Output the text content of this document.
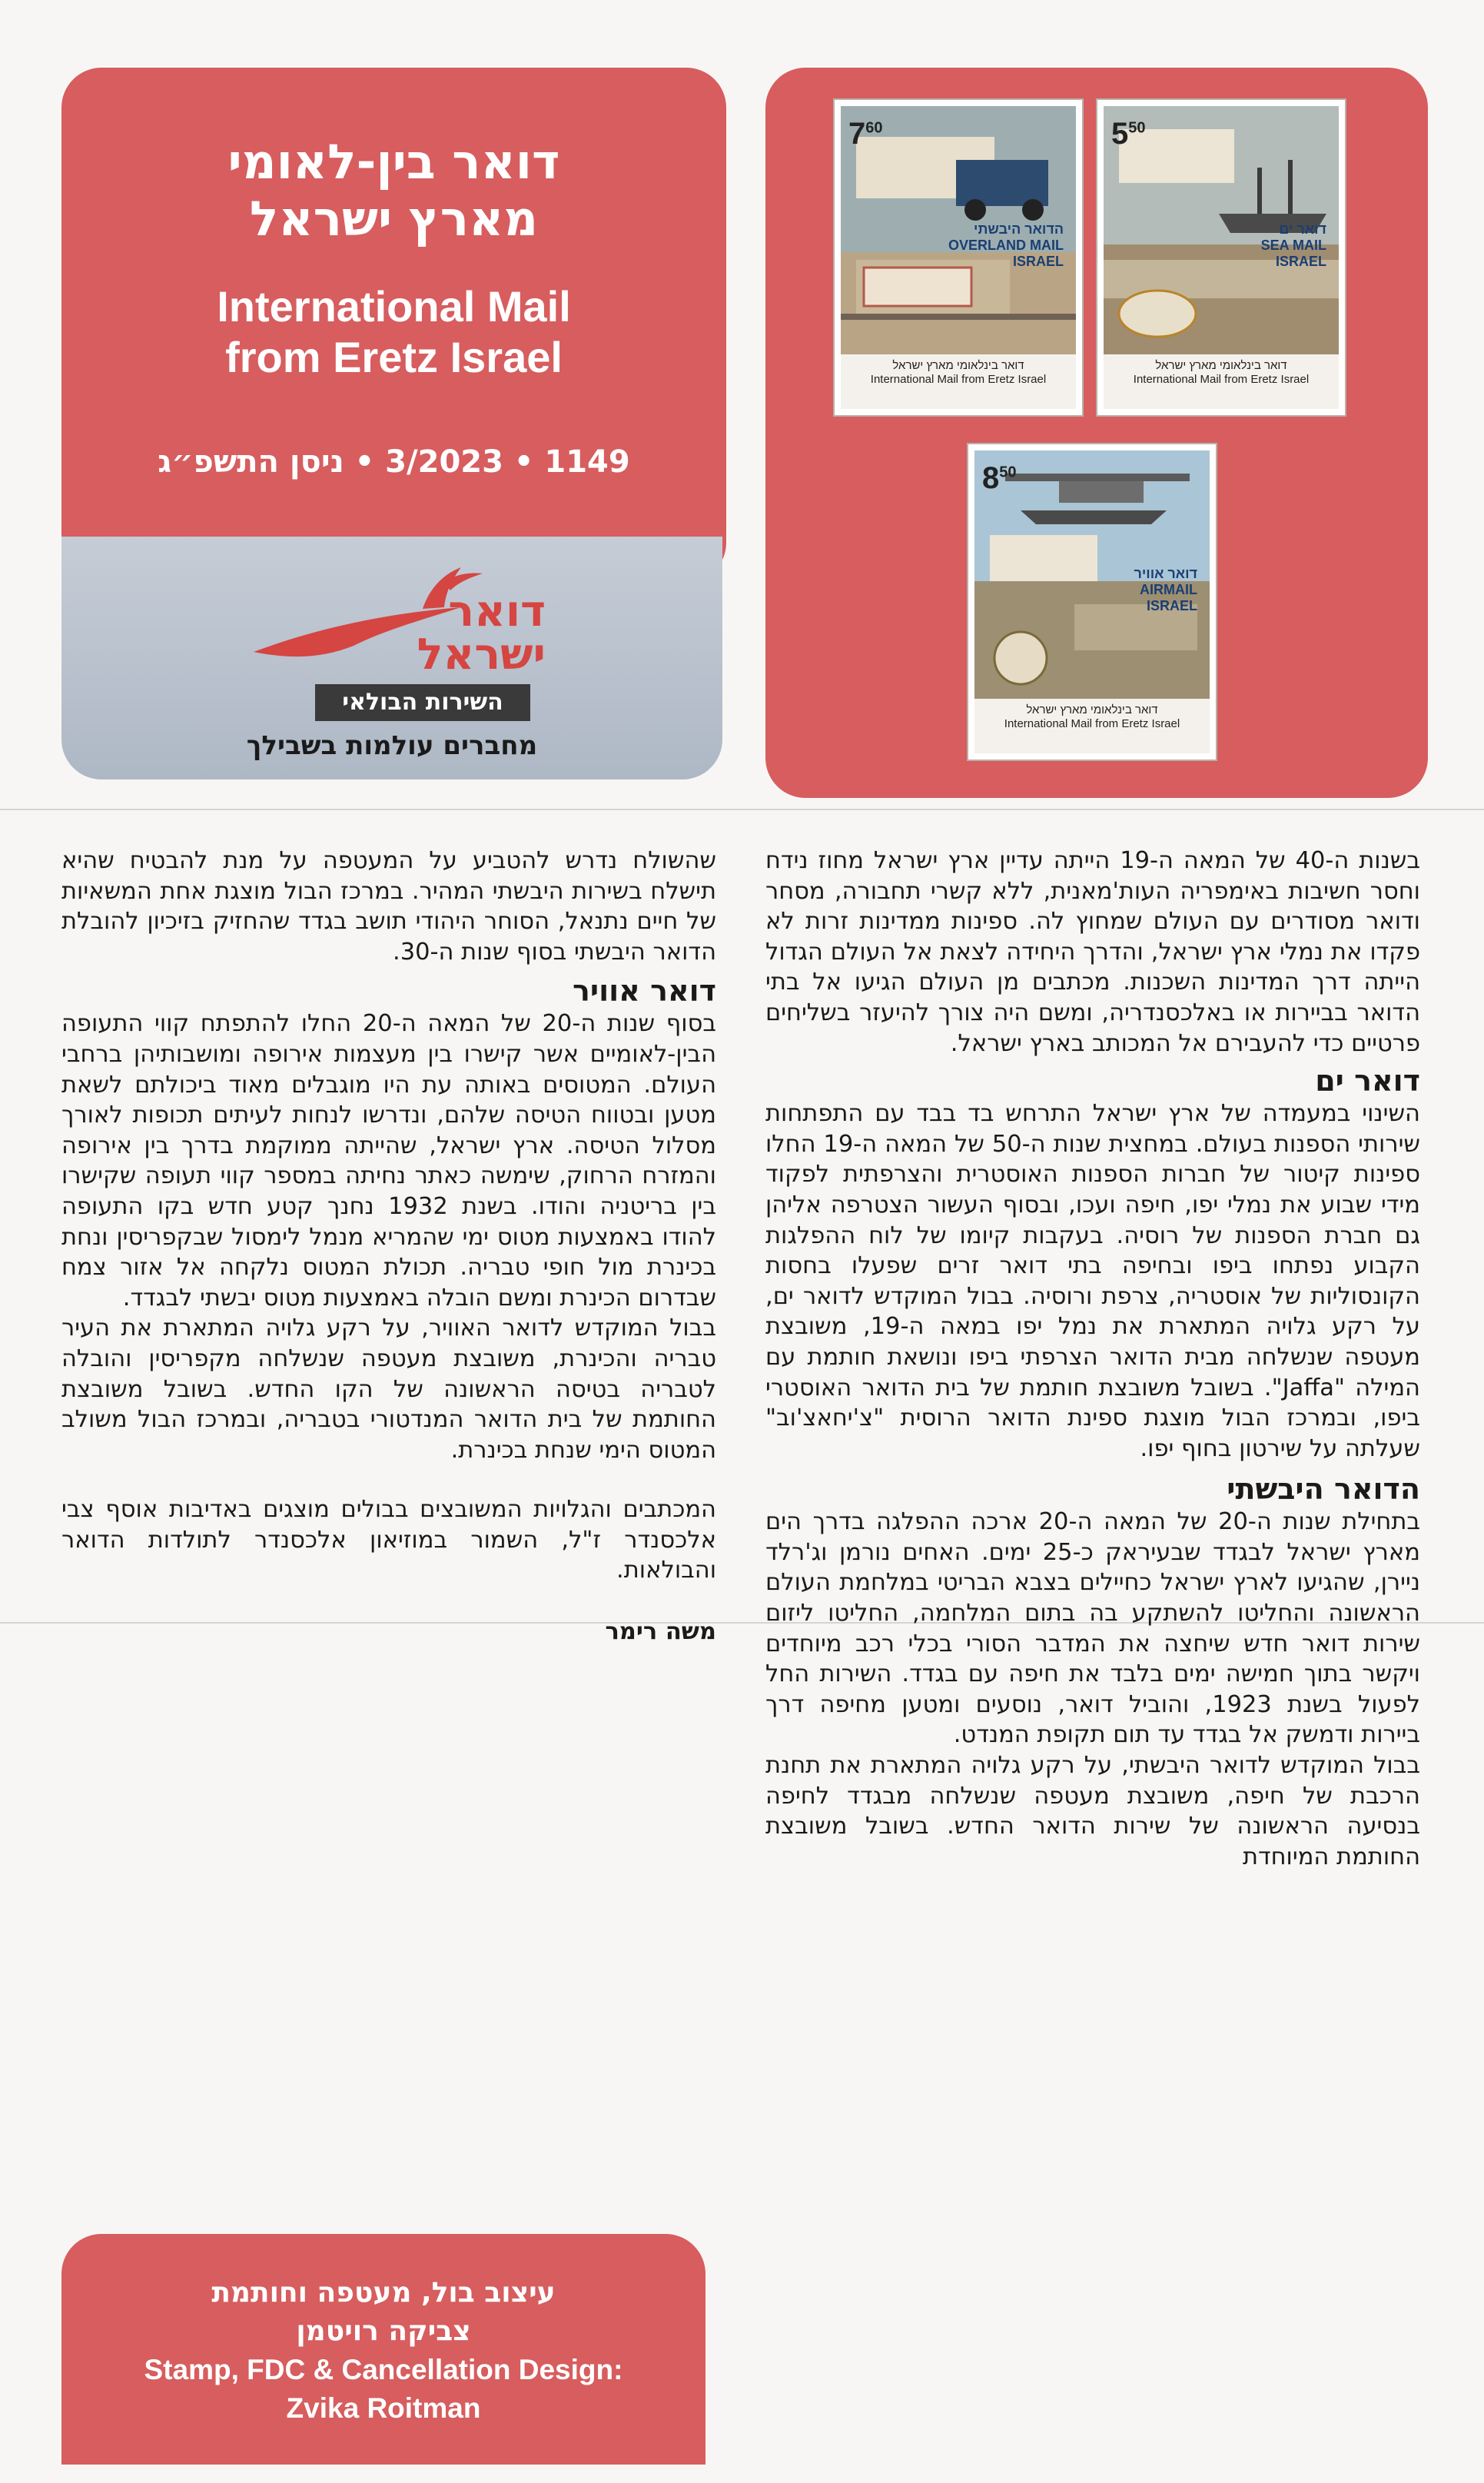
דואר בין-לאומי
מארץ ישראל
International Mail
from Eretz Israel
1149 • 3/2023 • ניסן התשפ״ג
דואר
ישראל
השירות הבולאי
מחברים עולמות בשבילך
$7^{60}$
הדואר היבשתי
OVERLAND MAIL
ISRAEL
דואר בינלאומי מארץ ישראל
International Mail from Eretz Israel
$5^{50}$
דואר ים
SEA MAIL
ISRAEL
דואר בינלאומי מארץ ישראל
International Mail from Eretz Israel
$8^{50}$
דואר אוויר
AIRMAIL
ISRAEL
דואר בינלאומי מארץ ישראל
International Mail from Eretz Israel

בשנות ה-40 של המאה ה-19 הייתה עדיין ארץ ישראל מחוז נידח וחסר חשיבות באימפריה העות'מאנית, ללא קשרי תחבורה, מסחר ודואר מסודרים עם העולם שמחוץ לה. ספינות ממדינות זרות לא פקדו את נמלי ארץ ישראל, והדרך היחידה לצאת אל העולם הגדול הייתה דרך המדינות השכנות. מכתבים מן העולם הגיעו אל בתי הדואר בביירות או באלכסנדריה, ומשם היה צורך להיעזר בשליחים פרטיים כדי להעבירם אל המכותב בארץ ישראל.

דואר ים

השינוי במעמדה של ארץ ישראל התרחש בד בבד עם התפתחות שירותי הספנות בעולם. במחצית שנות ה-50 של המאה ה-19 החלו ספינות קיטור של חברות הספנות האוסטרית והצרפתית לפקוד מידי שבוע את נמלי יפו, חיפה ועכו, ובסוף העשור הצטרפה אליהן גם חברת הספנות של רוסיה. בעקבות קיומו של לוח ההפלגות הקבוע נפתחו ביפו ובחיפה בתי דואר זרים שפעלו בחסות הקונסוליות של אוסטריה, צרפת ורוסיה. בבול המוקדש לדואר ים, על רקע גלויה המתארת את נמל יפו במאה ה-19, משובצת מעטפה שנשלחה מבית הדואר הצרפתי ביפו ונושאת חותמת עם המילה "Jaffa". בשובל משובצת חותמת של בית הדואר האוסטרי ביפו, ובמרכז הבול מוצגת ספינת הדואר הרוסית "צ'יחאצ'וב" שעלתה על שירטון בחוף יפו.

הדואר היבשתי

בתחילת שנות ה-20 של המאה ה-20 ארכה ההפלגה בדרך הים מארץ ישראל לבגדד שבעיראק כ-25 ימים. האחים נורמן וג'רלד ניירן, שהגיעו לארץ ישראל כחיילים בצבא הבריטי במלחמת העולם הראשונה והחליטו להשתקע בה בתום המלחמה, החליטו ליזום שירות דואר חדש שיחצה את המדבר הסורי בכלי רכב מיוחדים ויקשר בתוך חמישה ימים בלבד את חיפה עם בגדד. השירות החל לפעול בשנת 1923, והוביל דואר, נוסעים ומטען מחיפה דרך ביירות ודמשק אל בגדד עד תום תקופת המנדט.

בבול המוקדש לדואר היבשתי, על רקע גלויה המתארת את תחנת הרכבת של חיפה, משובצת מעטפה שנשלחה מבגדד לחיפה בנסיעה הראשונה של שירות הדואר החדש. בשובל משובצת החותמת המיוחדת

שהשולח נדרש להטביע על המעטפה על מנת להבטיח שהיא תישלח בשירות היבשתי המהיר. במרכז הבול מוצגת אחת המשאיות של חיים נתנאל, הסוחר היהודי תושב בגדד שהחזיק בזיכיון להובלת הדואר היבשתי בסוף שנות ה-30.

דואר אוויר

בסוף שנות ה-20 של המאה ה-20 החלו להתפתח קווי התעופה הבין-לאומיים אשר קישרו בין מעצמות אירופה ומושבותיהן ברחבי העולם. המטוסים באותה עת היו מוגבלים מאוד ביכולתם לשאת מטען ובטווח הטיסה שלהם, ונדרשו לנחות לעיתים תכופות לאורך מסלול הטיסה. ארץ ישראל, שהייתה ממוקמת בדרך בין אירופה והמזרח הרחוק, שימשה כאתר נחיתה במספר קווי תעופה שקישרו בין בריטניה והודו. בשנת 1932 נחנך קטע חדש בקו התעופה להודו באמצעות מטוס ימי שהמריא מנמל לימסול שבקפריסין ונחת בכינרת מול חופי טבריה. תכולת המטוס נלקחה אל אזור צמח שבדרום הכינרת ומשם הובלה באמצעות מטוס יבשתי לבגדד.

בבול המוקדש לדואר האוויר, על רקע גלויה המתארת את העיר טבריה והכינרת, משובצת מעטפה שנשלחה מקפריסין והובלה לטבריה בטיסה הראשונה של הקו החדש. בשובל משובצת החותמת של בית הדואר המנדטורי בטבריה, ובמרכז הבול משולב המטוס הימי שנחת בכינרת.

המכתבים והגלויות המשובצים בבולים מוצגים באדיבות אוסף צבי אלכסנדר ז"ל, השמור במוזיאון אלכסנדר לתולדות הדואר והבולאות.

משה רימר

עיצוב בול, מעטפה וחותמת
צביקה רויטמן
Stamp, FDC & Cancellation Design:
Zvika Roitman
